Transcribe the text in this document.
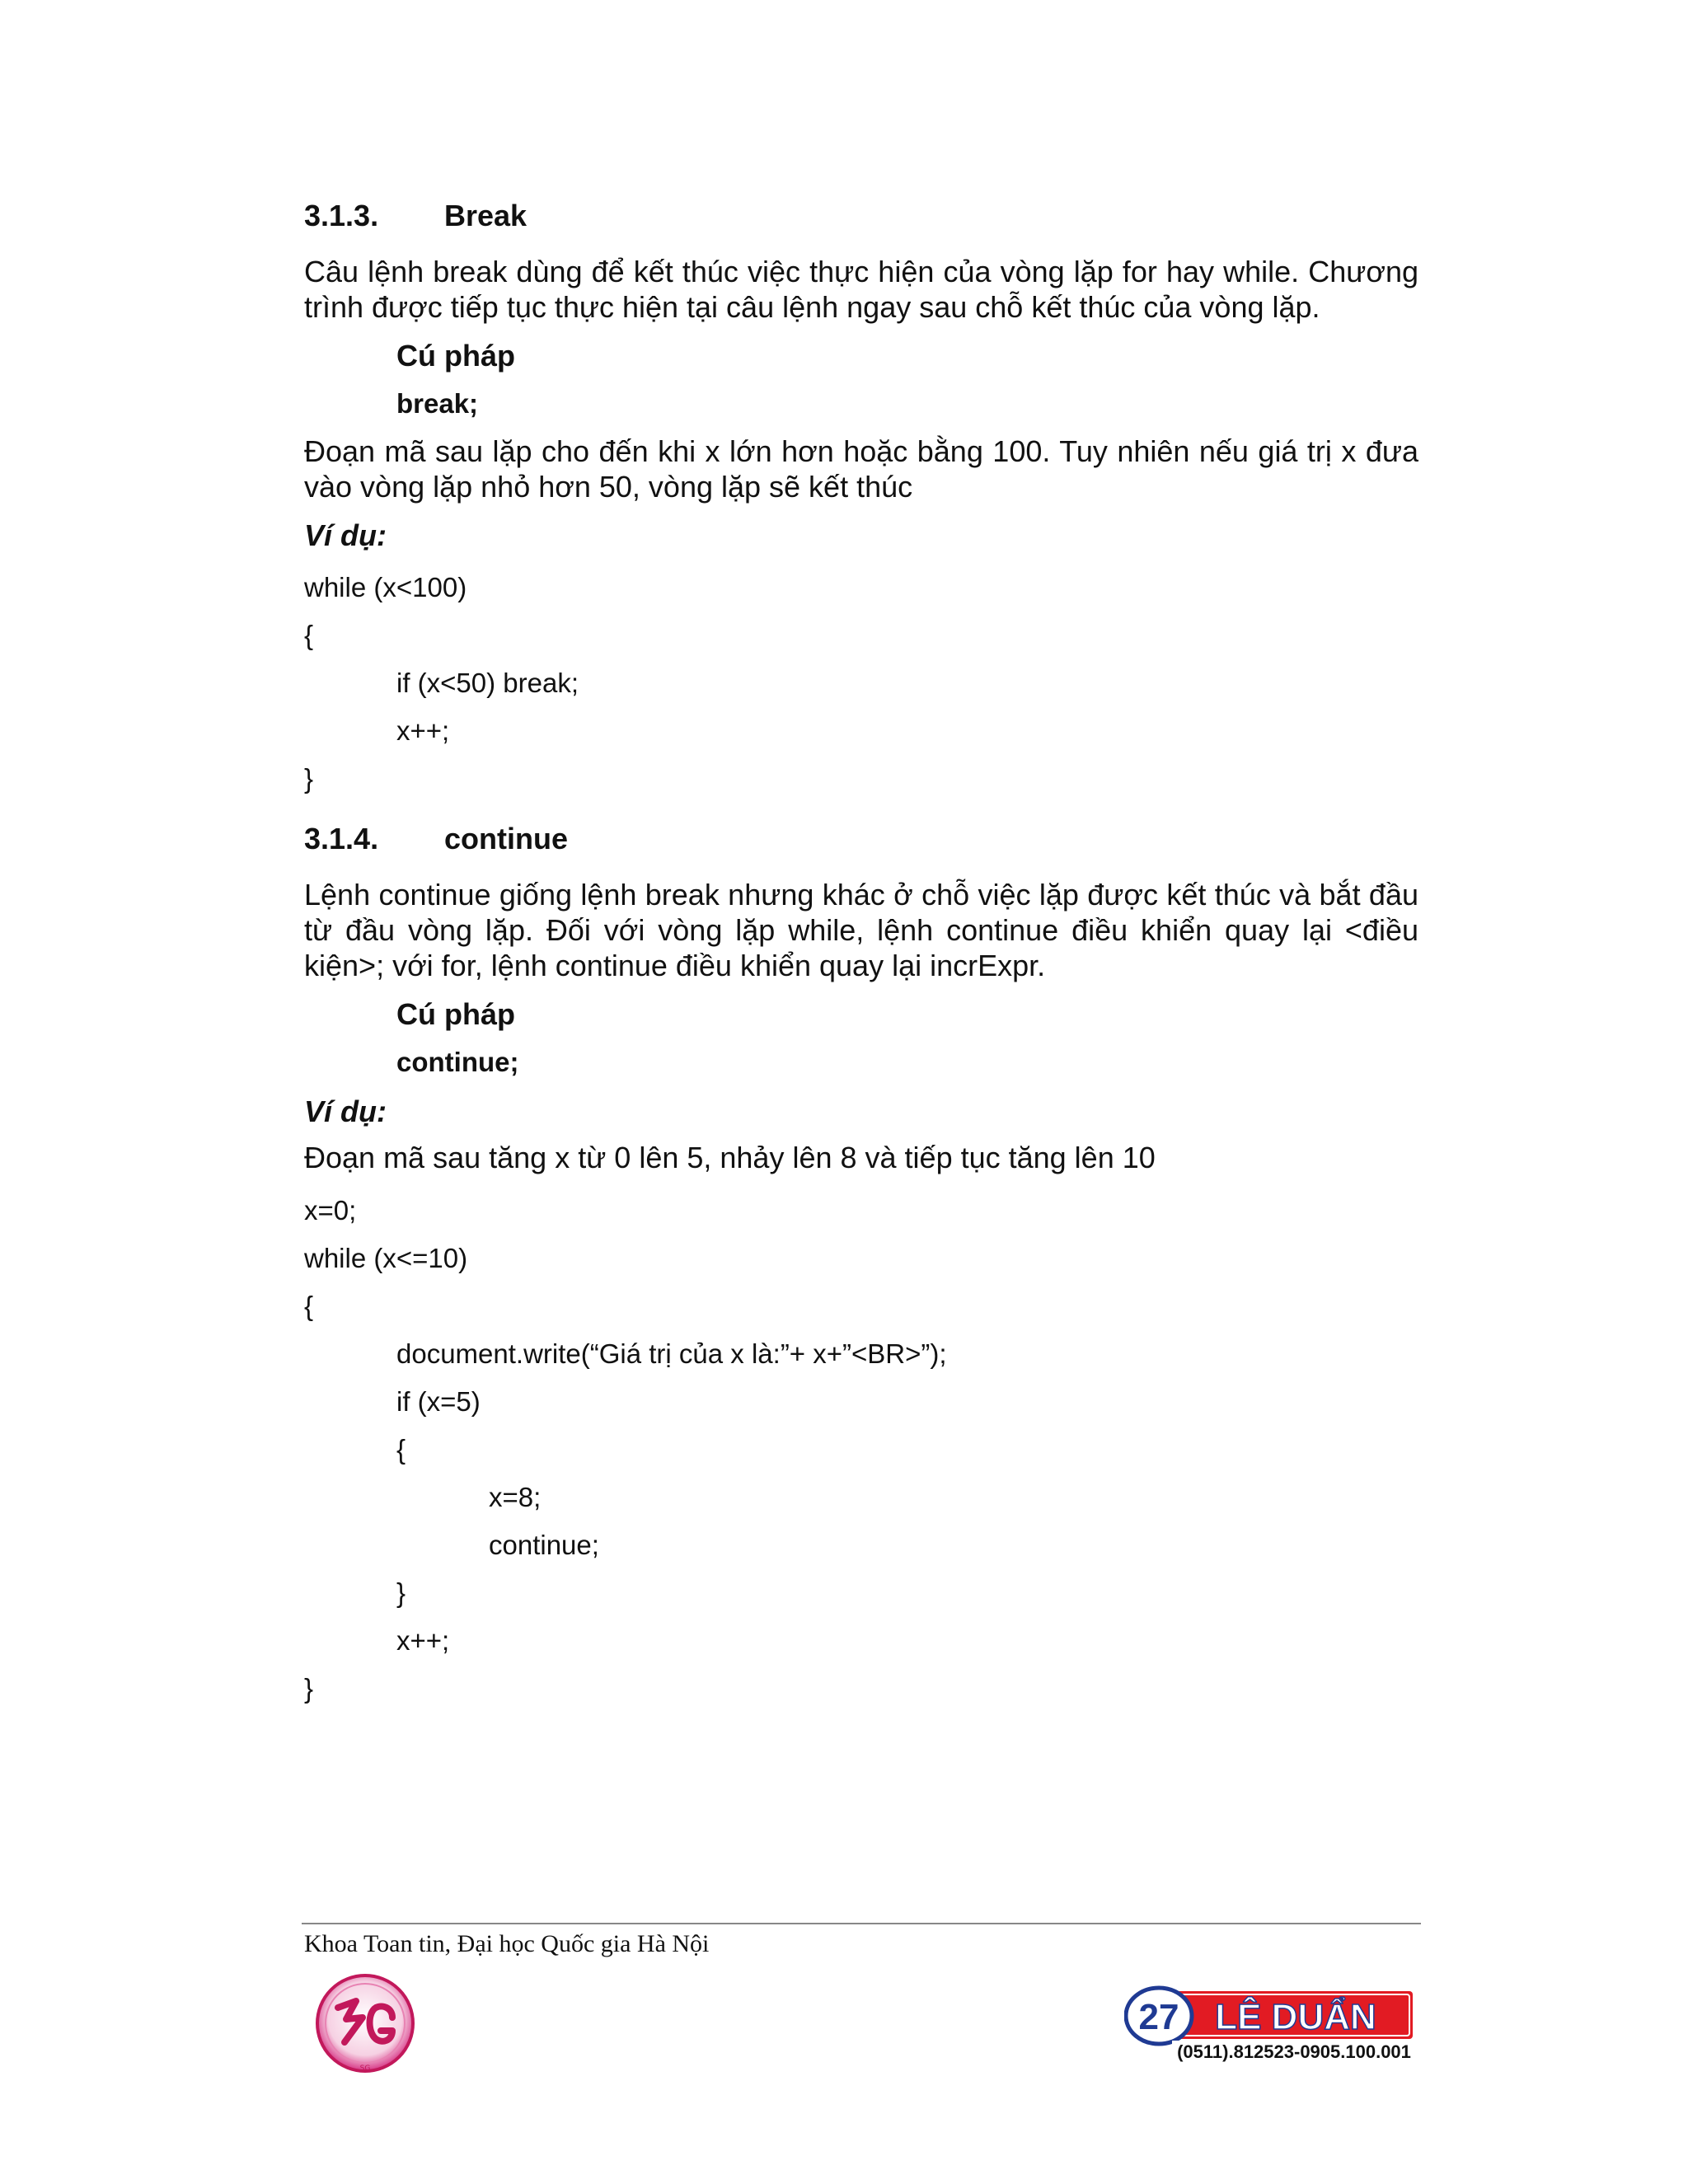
3.1.3.	Break

Câu lệnh break dùng để kết thúc việc thực hiện của vòng lặp for hay while. Chương trình được tiếp tục thực hiện tại câu lệnh ngay sau chỗ kết thúc của vòng lặp.

Cú pháp
break;

Đoạn mã sau lặp cho đến khi x lớn hơn hoặc bằng 100. Tuy nhiên nếu giá trị x đưa vào vòng lặp nhỏ hơn 50, vòng lặp sẽ kết thúc

Ví dụ:
while (x<100)
{
if (x<50) break;
x++;
}
3.1.4.	continue

Lệnh continue giống lệnh break nhưng khác ở chỗ việc lặp được kết thúc và bắt đầu từ đầu vòng lặp. Đối với vòng lặp while, lệnh continue điều khiển quay lại <điều kiện>; với for, lệnh continue điều khiển quay lại incrExpr.

Cú pháp
continue;
Ví dụ:

Đoạn mã sau tăng x từ 0 lên 5, nhảy lên 8 và tiếp tục tăng lên 10

x=0;
while (x<=10)
{
document.write(“Giá trị của x là:”+ x+”<BR>”);
if (x=5)
{
x=8;
continue;
}
x++;
}
Khoa Toan tin, Đại học Quốc gia Hà Nội
SG
27 LÊ DUẨN
(0511).812523-0905.100.001
